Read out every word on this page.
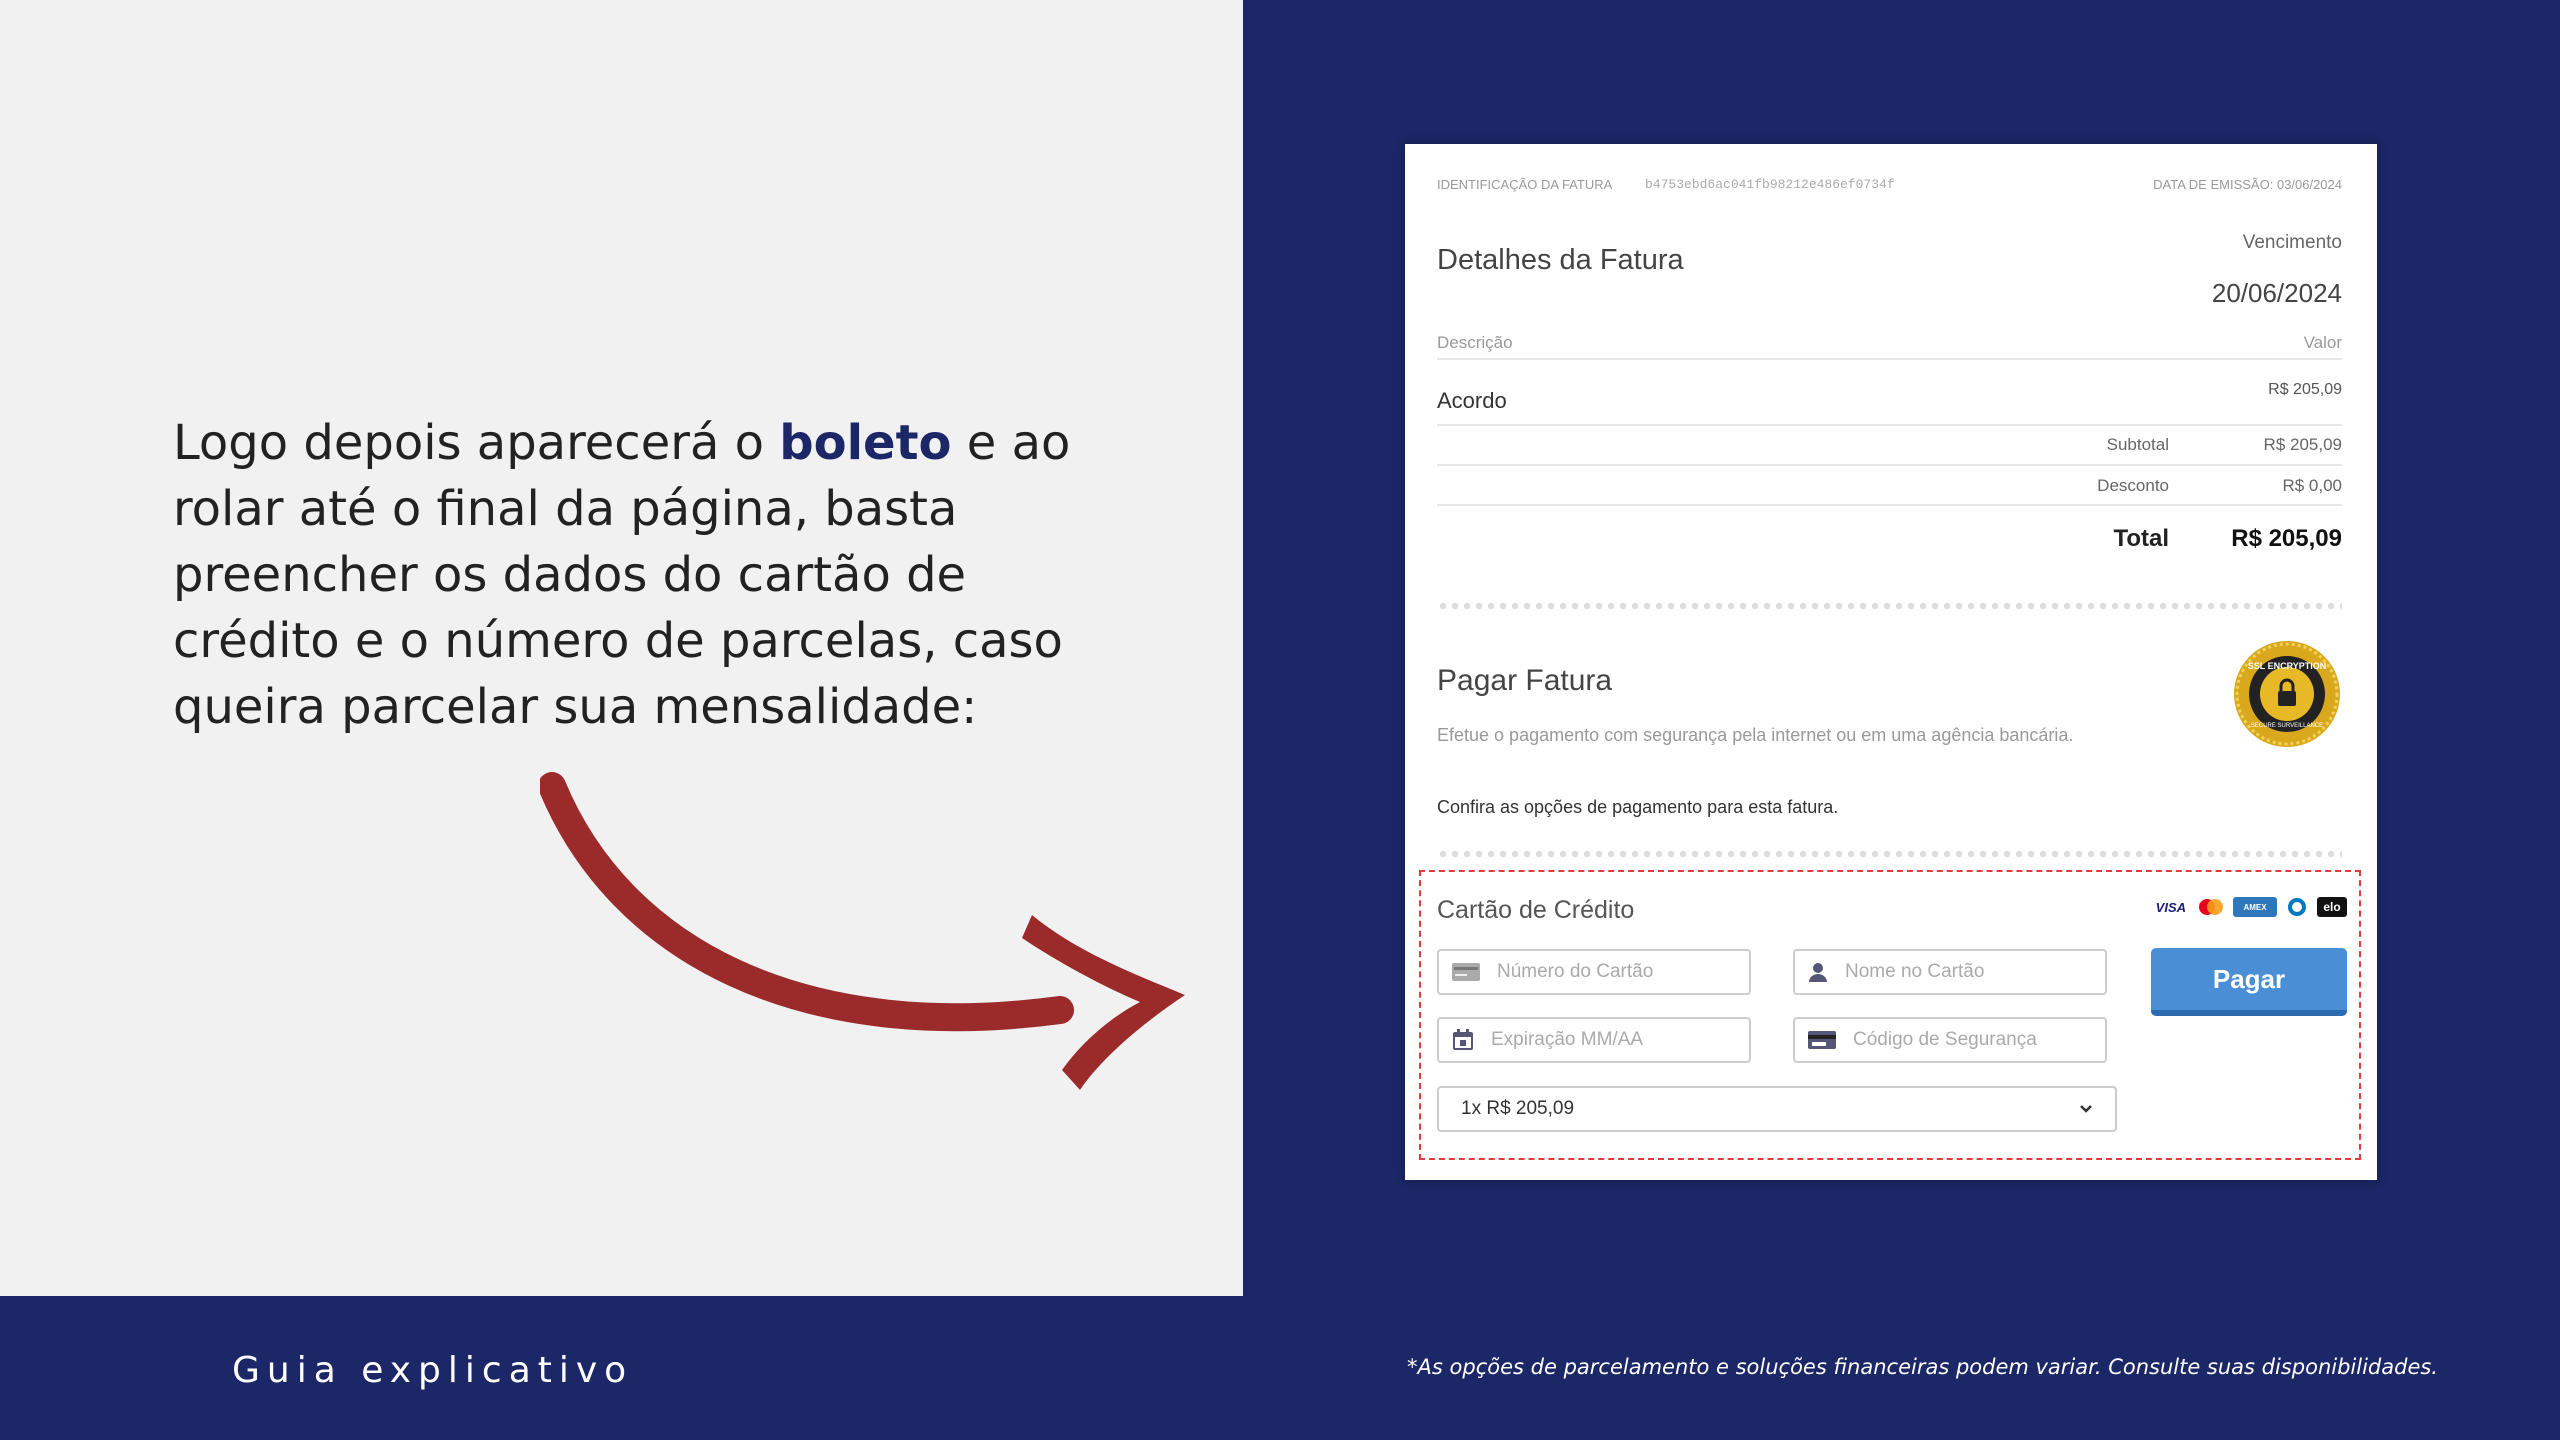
Logo depois aparecerá o boleto e ao rolar até o final da página, basta preencher os dados do cartão de crédito e o número de parcelas, caso queira parcelar sua mensalidade:
Guia explicativo	*As opções de parcelamento e soluções financeiras podem variar. Consulte suas disponibilidades.
IDENTIFICAÇÃO DA FATURA	b4753ebd6ac041fb98212e486ef0734f	DATA DE EMISSÃO: 03/06/2024
Detalhes da Fatura
Vencimento
20/06/2024
Descrição	Valor
Acordo	R$ 205,09
Subtotal	R$ 205,09
Desconto	R$ 0,00
Total	R$ 205,09
Pagar Fatura
Efetue o pagamento com segurança pela internet ou em uma agência bancária.
Confira as opções de pagamento para esta fatura.
SSL ENCRYPTION
SECURE SURVEILLANCE
Cartão de Crédito	VISA	AMEX	elo
Número do Cartão
Nome no Cartão
Expiração MM/AA
Código de Segurança
1x R$ 205,09
Pagar
